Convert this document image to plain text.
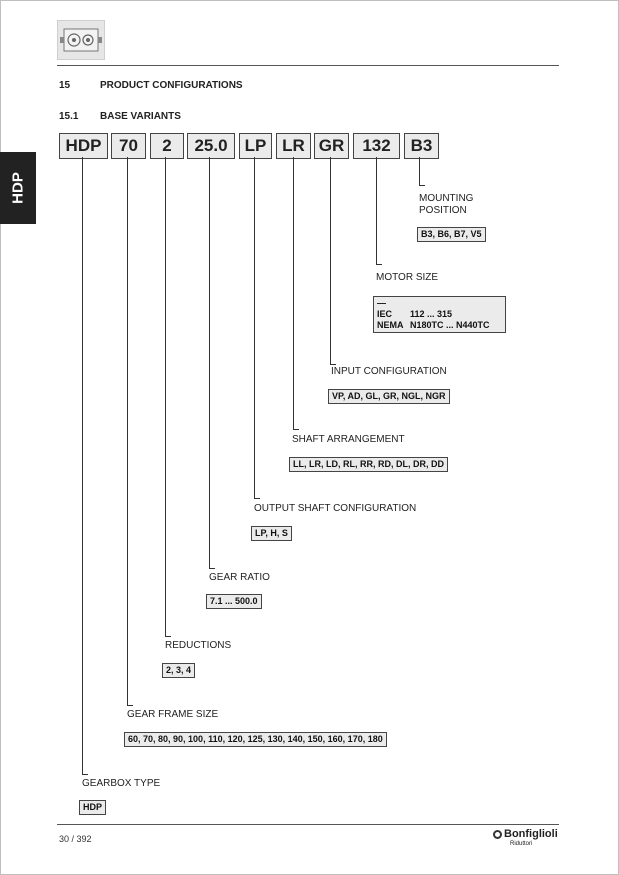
HDP
15	PRODUCT CONFIGURATIONS
15.1 BASE VARIANTS
HDP	70	2	25.0	LP LR GR	132	B3
MOUNTING
POSITION
B3, B6, B7, V5
MOTOR SIZE
—
IEC 112 ... 315
NEMA N180TC ... N440TC
INPUT CONFIGURATION
VP, AD, GL, GR, NGL, NGR
SHAFT ARRANGEMENT
LL, LR, LD, RL, RR, RD, DL, DR, DD
OUTPUT SHAFT CONFIGURATION
LP, H, S
GEAR RATIO
7.1 ... 500.0
REDUCTIONS
2, 3, 4
GEAR FRAME SIZE
60, 70, 80, 90, 100, 110, 120, 125, 130, 140, 150, 160, 170, 180
GEARBOX TYPE
HDP
30 / 392	Bonfiglioli
Riduttori
